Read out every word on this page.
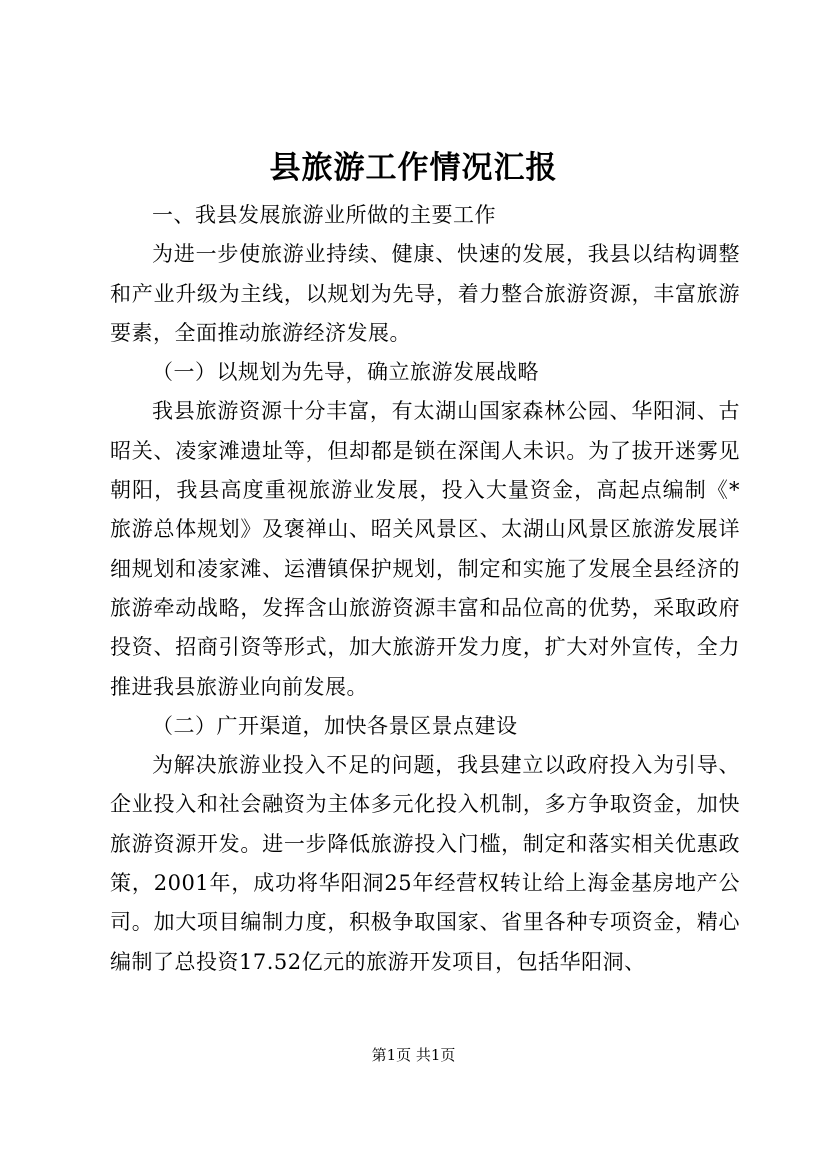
县旅游工作情况汇报

一、我县发展旅游业所做的主要工作

为进一步使旅游业持续、健康、快速的发展，我县以结构调整和产业升级为主线，以规划为先导，着力整合旅游资源，丰富旅游要素，全面推动旅游经济发展。

（一）以规划为先导，确立旅游发展战略

我县旅游资源十分丰富，有太湖山国家森林公园、华阳洞、古昭关、凌家滩遗址等，但却都是锁在深闺人未识。为了拔开迷雾见朝阳，我县高度重视旅游业发展，投入大量资金，高起点编制《*旅游总体规划》及褒禅山、昭关风景区、太湖山风景区旅游发展详细规划和凌家滩、运漕镇保护规划，制定和实施了发展全县经济的旅游牵动战略，发挥含山旅游资源丰富和品位高的优势，采取政府投资、招商引资等形式，加大旅游开发力度，扩大对外宣传，全力推进我县旅游业向前发展。

（二）广开渠道，加快各景区景点建设

为解决旅游业投入不足的问题，我县建立以政府投入为引导、企业投入和社会融资为主体多元化投入机制，多方争取资金，加快旅游资源开发。进一步降低旅游投入门槛，制定和落实相关优惠政策，2001年，成功将华阳洞25年经营权转让给上海金基房地产公司。加大项目编制力度，积极争取国家、省里各种专项资金，精心编制了总投资17.52亿元的旅游开发项目，包括华阳洞、

第1页 共1页
